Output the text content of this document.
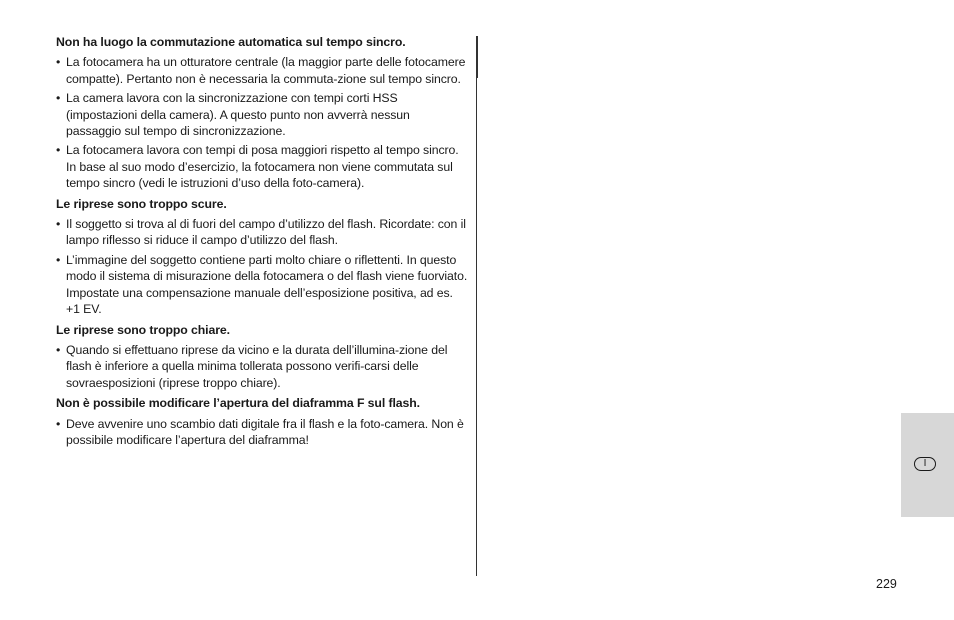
Non ha luogo la commutazione automatica sul tempo sincro.

• La fotocamera ha un otturatore centrale (la maggior parte delle fotocamere compatte). Pertanto non è necessaria la commuta-zione sul tempo sincro.

• La camera lavora con la sincronizzazione con tempi corti HSS (impostazioni della camera). A questo punto non avverrà nessun passaggio sul tempo di sincronizzazione.

• La fotocamera lavora con tempi di posa maggiori rispetto al tempo sincro. In base al suo modo d’esercizio, la fotocamera non viene commutata sul tempo sincro (vedi le istruzioni d’uso della foto-camera).

Le riprese sono troppo scure.

• Il soggetto si trova al di fuori del campo d’utilizzo del flash. Ricordate: con il lampo riflesso si riduce il campo d’utilizzo del flash.

• L’immagine del soggetto contiene parti molto chiare o riflettenti. In questo modo il sistema di misurazione della fotocamera o del flash viene fuorviato. Impostate una compensazione manuale dell’esposizione positiva, ad es. +1 EV.

Le riprese sono troppo chiare.

• Quando si effettuano riprese da vicino e la durata dell’illumina-zione del flash è inferiore a quella minima tollerata possono verifi-carsi delle sovraesposizioni (riprese troppo chiare).

Non è possibile modificare l’apertura del diaframma F sul flash.

• Deve avvenire uno scambio dati digitale fra il flash e la foto-camera. Non è possibile modificare l’apertura del diaframma!

I
229
